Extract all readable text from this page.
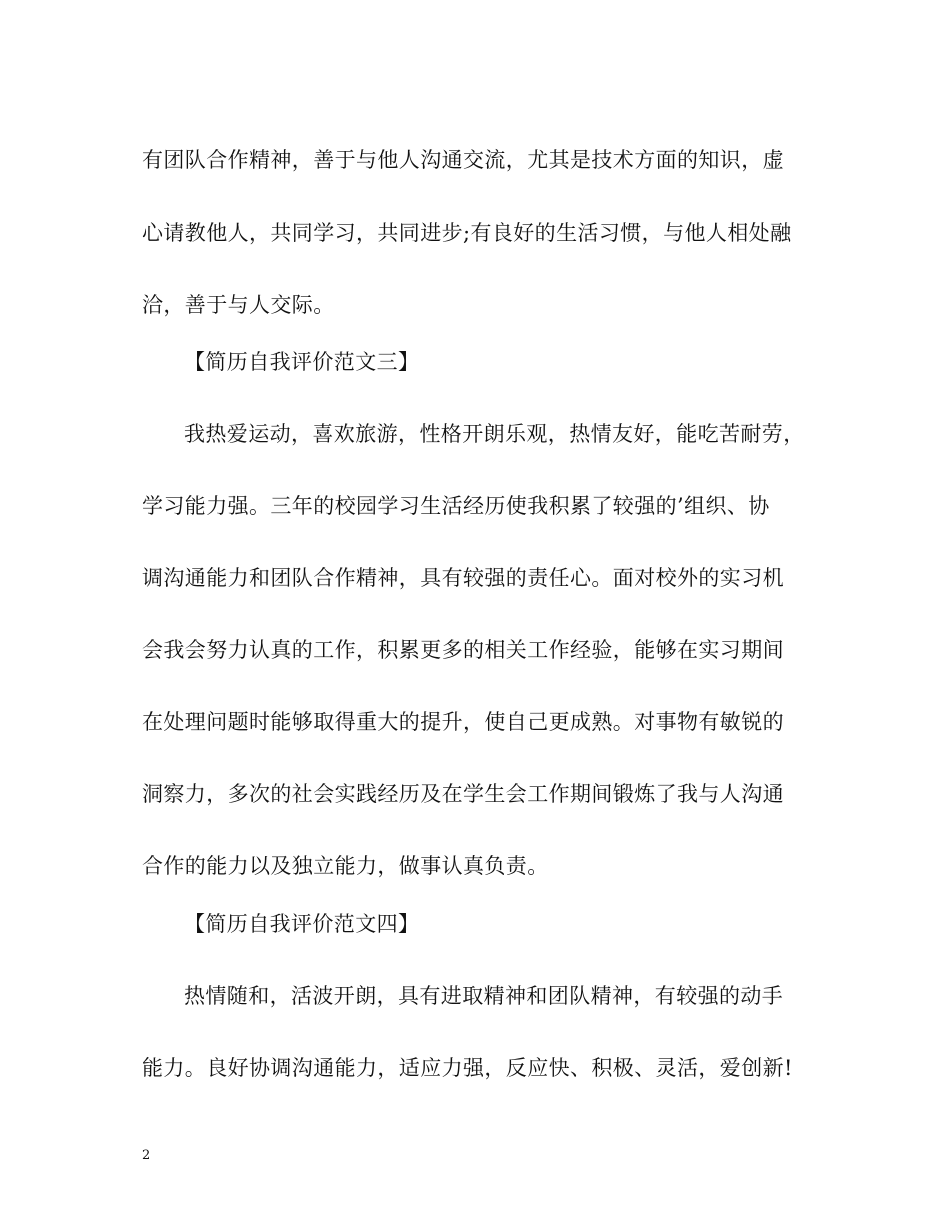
有团队合作精神，善于与他人沟通交流，尤其是技术方面的知识，虚
心请教他人，共同学习，共同进步;有良好的生活习惯，与他人相处融
洽，善于与人交际。
【简历自我评价范文三】
我热爱运动，喜欢旅游，性格开朗乐观，热情友好，能吃苦耐劳，
学习能力强。三年的校园学习生活经历使我积累了较强的’组织、协
调沟通能力和团队合作精神，具有较强的责任心。面对校外的实习机
会我会努力认真的工作，积累更多的相关工作经验，能够在实习期间
在处理问题时能够取得重大的提升，使自己更成熟。对事物有敏锐的
洞察力，多次的社会实践经历及在学生会工作期间锻炼了我与人沟通
合作的能力以及独立能力，做事认真负责。
【简历自我评价范文四】
热情随和，活波开朗，具有进取精神和团队精神，有较强的动手
能力。良好协调沟通能力，适应力强，反应快、积极、灵活，爱创新!
2
